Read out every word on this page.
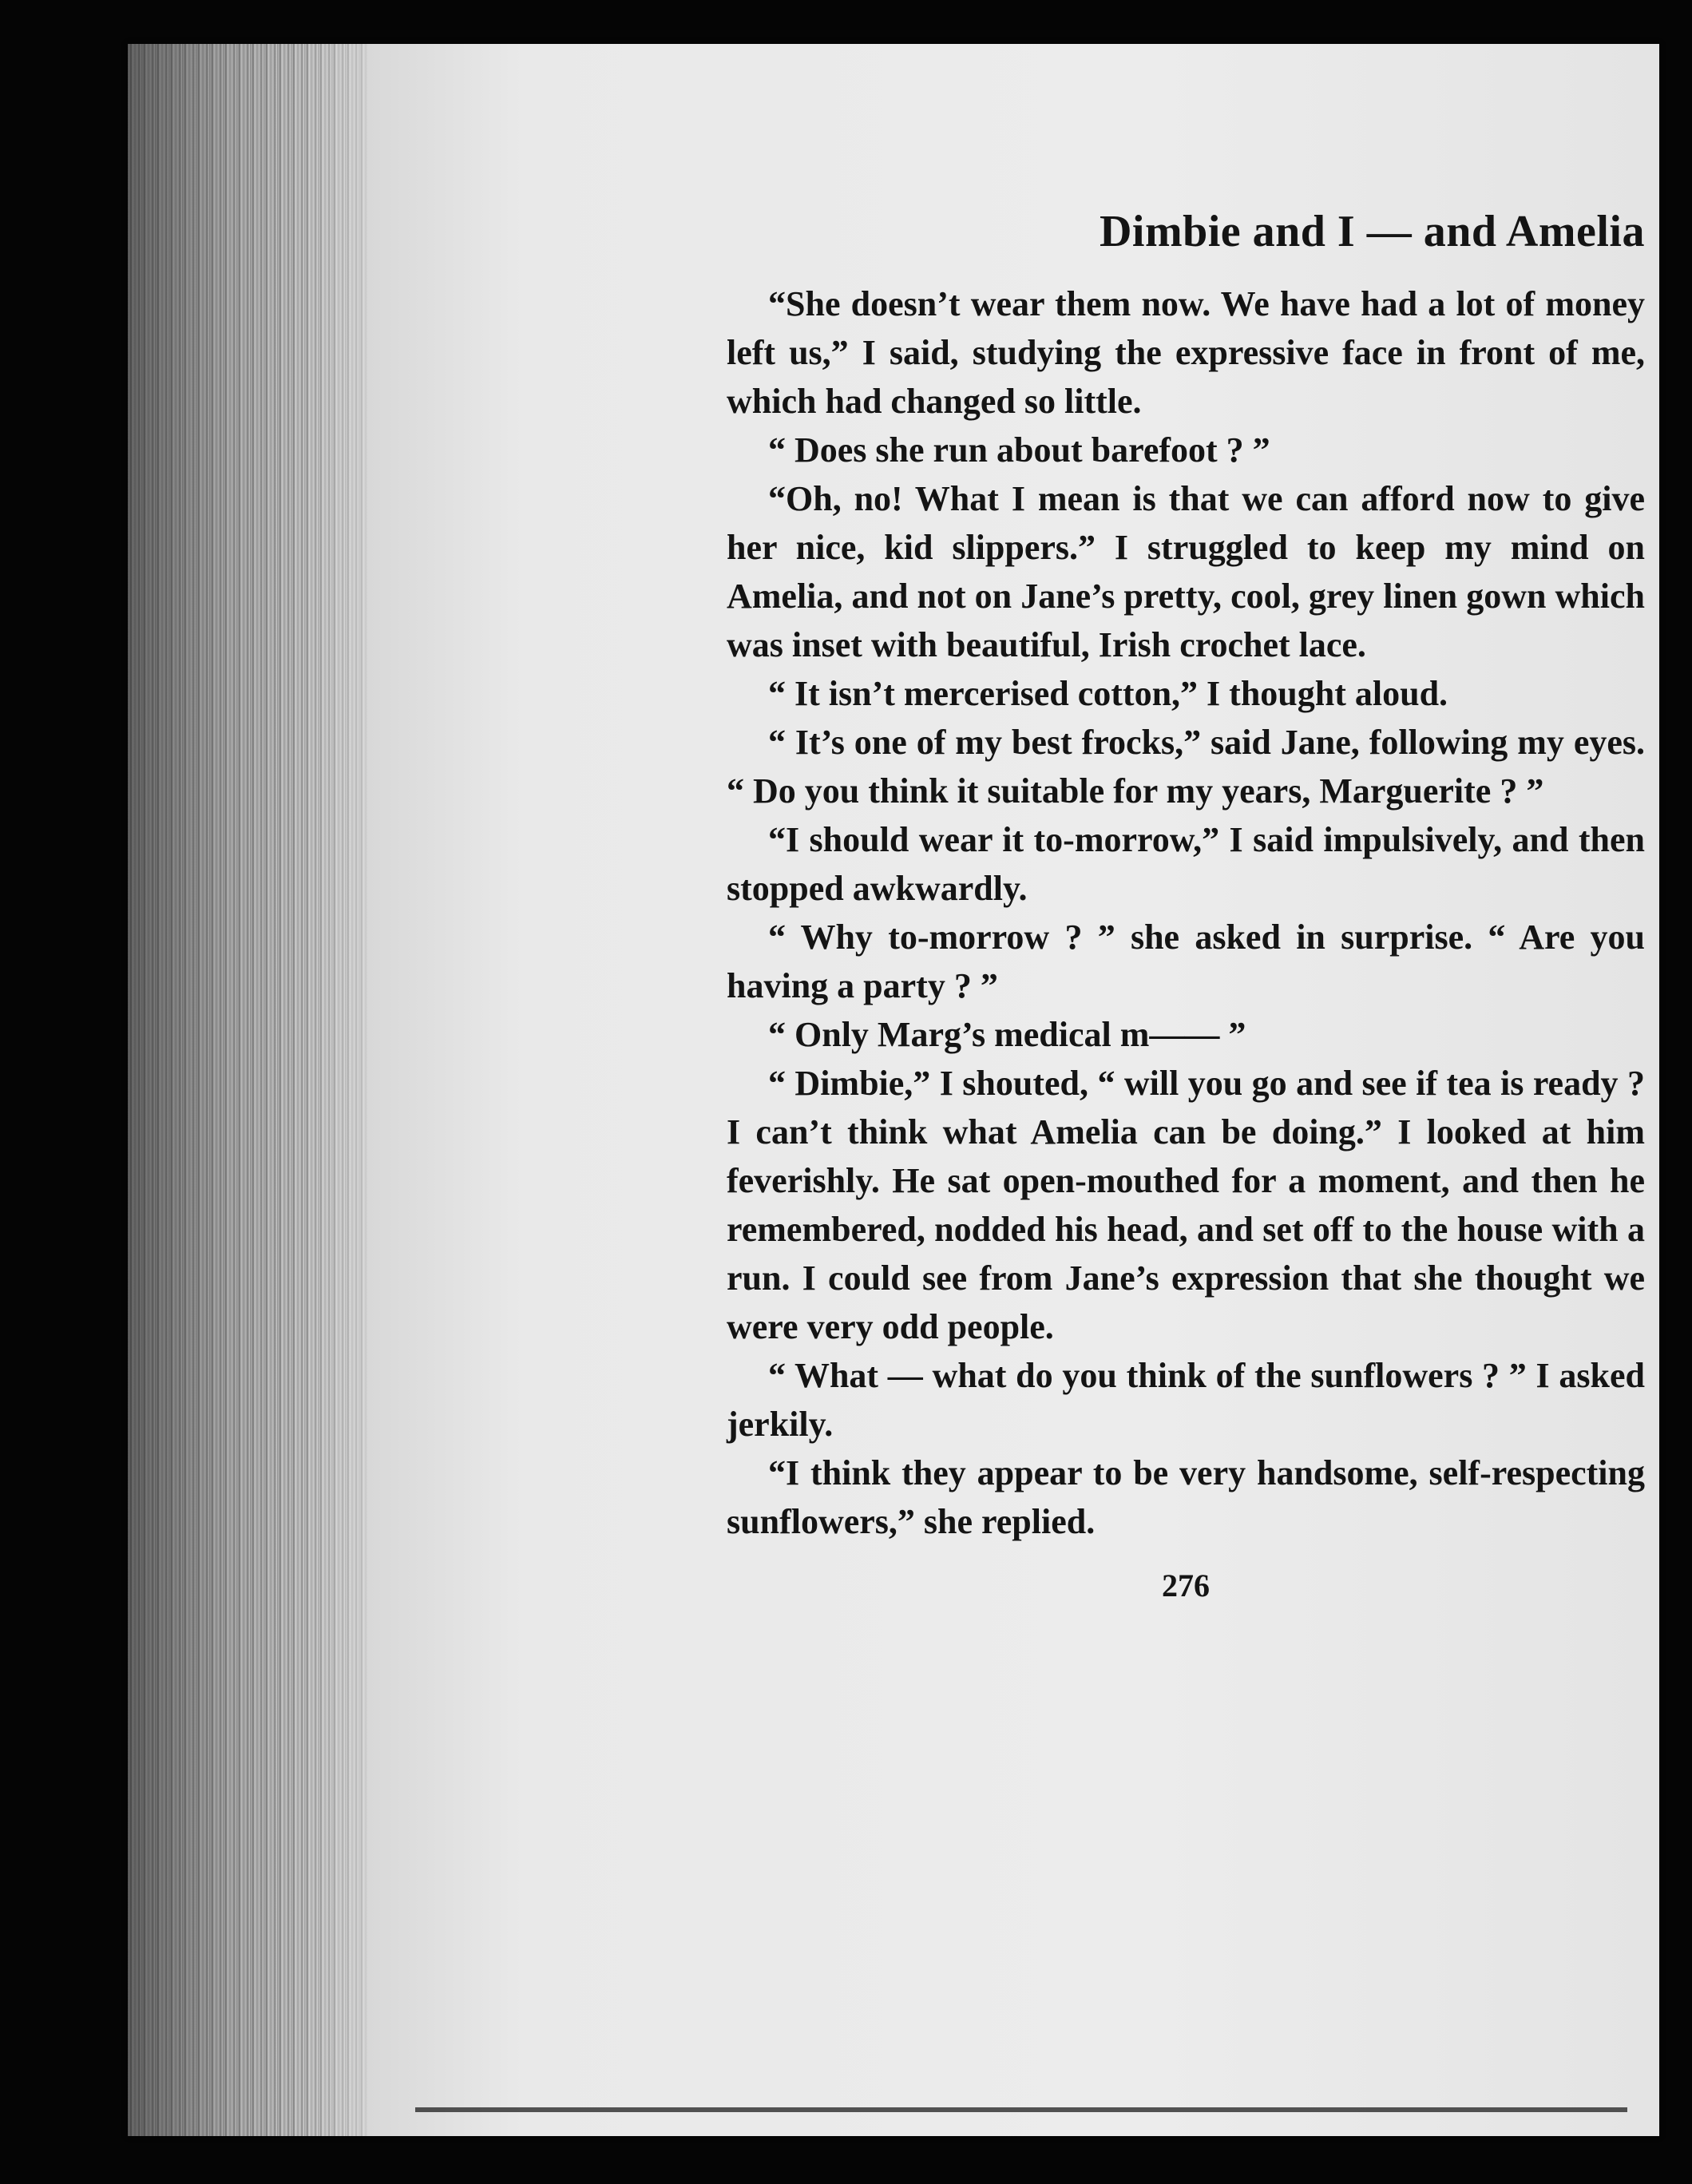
Dimbie and I — and Amelia

“She doesn’t wear them now. We have had a lot of money left us,” I said, studying the expressive face in front of me, which had changed so little.

“ Does she run about barefoot ? ”

“Oh, no! What I mean is that we can afford now to give her nice, kid slippers.” I struggled to keep my mind on Amelia, and not on Jane’s pretty, cool, grey linen gown which was inset with beautiful, Irish crochet lace.

“ It isn’t mercerised cotton,” I thought aloud.

“ It’s one of my best frocks,” said Jane, following my eyes. “ Do you think it suitable for my years, Marguerite ? ”

“I should wear it to-morrow,” I said impulsively, and then stopped awkwardly.

“ Why to-morrow ? ” she asked in surprise. “ Are you having a party ? ”

“ Only Marg’s medical m—— ”

“ Dimbie,” I shouted, “ will you go and see if tea is ready ? I can’t think what Amelia can be doing.” I looked at him feverishly. He sat open-mouthed for a moment, and then he remembered, nodded his head, and set off to the house with a run. I could see from Jane’s expression that she thought we were very odd people.

“ What — what do you think of the sunflowers ? ” I asked jerkily.

“I think they appear to be very handsome, self-respecting sunflowers,” she replied.

276
